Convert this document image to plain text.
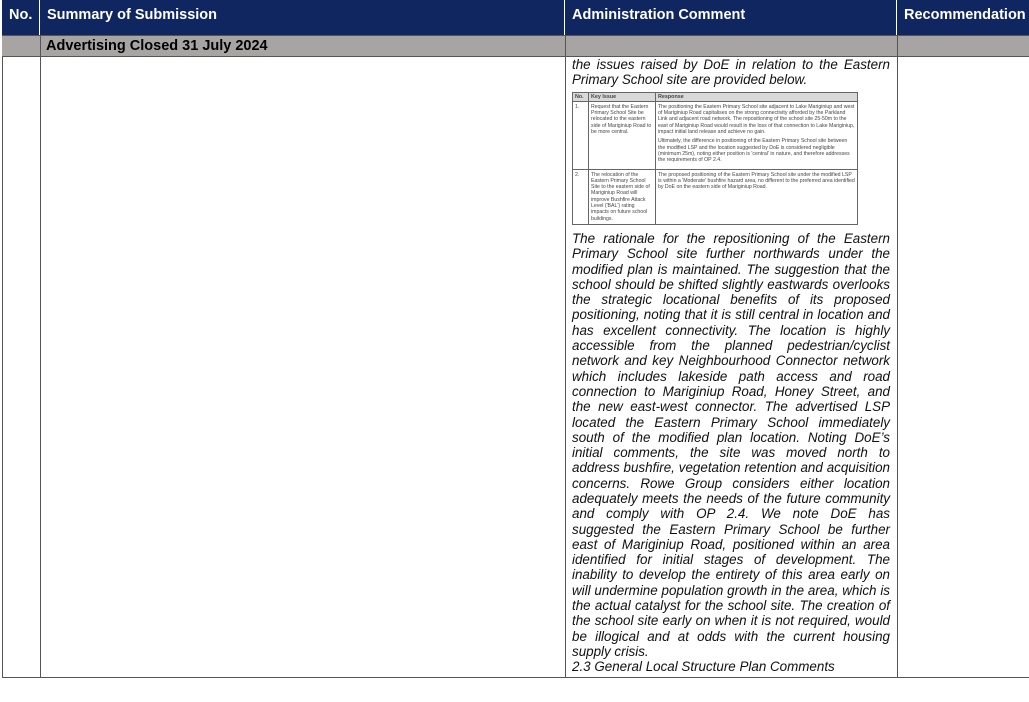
No.	Summary of Submission	Administration Comment	Recommendation
Advertising Closed 31 July 2024

the issues raised by DoE in relation to the Eastern Primary School site are provided below.

No.	Key Issue	Response
1.	Request that the Eastern Primary School Site be relocated to the eastern side of Mariginiup Road to be more central.	The positioning the Eastern Primary School site adjacent to Lake Mariginiup and west of Mariginiup Road capitalises on the strong connectivity afforded by the Parkland Link and adjacent road network. The repositioning of the school site 25-50m to the east of Mariginiup Road would result in the loss of that connection to Lake Mariginiup, impact initial land release and achieve no gain.

Ultimately, the difference in positioning of the Eastern Primary School site between the modified LSP and the location suggested by DoE is considered negligible (minimum 25m), noting either position is 'central' in nature, and therefore addresses the requirements of OP 2.4.

2.	The relocation of the Eastern Primary School Site to the eastern side of Mariginiup Road will improve Bushfire Attack Level ('BAL') rating impacts on future school buildings.	The proposed positioning of the Eastern Primary School site under the modified LSP is within a 'Moderate' bushfire hazard area, no different to the preferred area identified by DoE on the eastern side of Mariginiup Road.

The rationale for the repositioning of the Eastern Primary School site further northwards under the modified plan is maintained. The suggestion that the school should be shifted slightly eastwards overlooks the strategic locational benefits of its proposed positioning, noting that it is still central in location and has excellent connectivity. The location is highly accessible from the planned pedestrian/cyclist network and key Neighbourhood Connector network which includes lakeside path access and road connection to Mariginiup Road, Honey Street, and the new east-west connector. The advertised LSP located the Eastern Primary School immediately south of the modified plan location. Noting DoE’s initial comments, the site was moved north to address bushfire, vegetation retention and acquisition concerns. Rowe Group considers either location adequately meets the needs of the future community and comply with OP 2.4. We note DoE has suggested the Eastern Primary School be further east of Mariginiup Road, positioned within an area identified for initial stages of development. The inability to develop the entirety of this area early on will undermine population growth in the area, which is the actual catalyst for the school site. The creation of the school site early on when it is not required, would be illogical and at odds with the current housing supply crisis.

2.3 General Local Structure Plan Comments
